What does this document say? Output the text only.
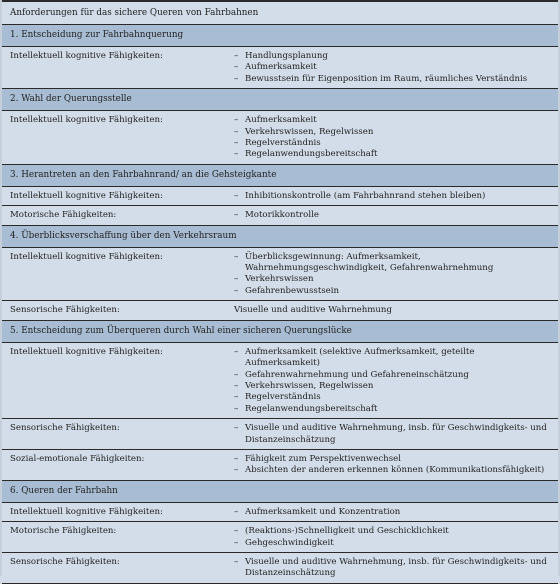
Anforderungen für das sichere Queren von Fahrbahnen
1. Entscheidung zur Fahrbahnquerung
Intellektuell kognitive Fähigkeiten:	– Handlungsplanung
– Aufmerksamkeit
– Bewusstsein für Eigenposition im Raum, räumliches Verständnis
2. Wahl der Querungsstelle
Intellektuell kognitive Fähigkeiten:	– Aufmerksamkeit
– Verkehrswissen, Regelwissen
– Regelverständnis
– Regelanwendungsbereitschaft
3. Herantreten an den Fahrbahnrand/ an die Gehsteigkante
Intellektuell kognitive Fähigkeiten:	– Inhibitionskontrolle (am Fahrbahnrand stehen bleiben)
Motorische Fähigkeiten:	– Motorikkontrolle
4. Überblicksverschaffung über den Verkehrsraum
Intellektuell kognitive Fähigkeiten:	– Überblicksgewinnung: Aufmerksamkeit, Wahrnehmungsgeschwindigkeit, Gefahrenwahrnehmung
– Verkehrswissen
– Gefahrenbewusstsein
Sensorische Fähigkeiten:	Visuelle und auditive Wahrnehmung
5. Entscheidung zum Überqueren durch Wahl einer sicheren Querungslücke
Intellektuell kognitive Fähigkeiten:	– Aufmerksamkeit (selektive Aufmerksamkeit, geteilte Aufmerksamkeit)
– Gefahrenwahrnehmung und Gefahreneinschätzung
– Verkehrswissen, Regelwissen
– Regelverständnis
– Regelanwendungsbereitschaft
Sensorische Fähigkeiten:	– Visuelle und auditive Wahrnehmung, insb. für Geschwindigkeits- und Distanzeinschätzung
Sozial-emotionale Fähigkeiten:	– Fähigkeit zum Perspektivenwechsel
– Absichten der anderen erkennen können (Kommunikationsfähigkeit)
6. Queren der Fahrbahn
Intellektuell kognitive Fähigkeiten:	– Aufmerksamkeit und Konzentration
Motorische Fähigkeiten:	– (Reaktions-)Schnelligkeit und Geschicklichkeit
– Gehgeschwindigkeit
Sensorische Fähigkeiten:	– Visuelle und auditive Wahrnehmung, insb. für Geschwindigkeits- und Distanzeinschätzung
